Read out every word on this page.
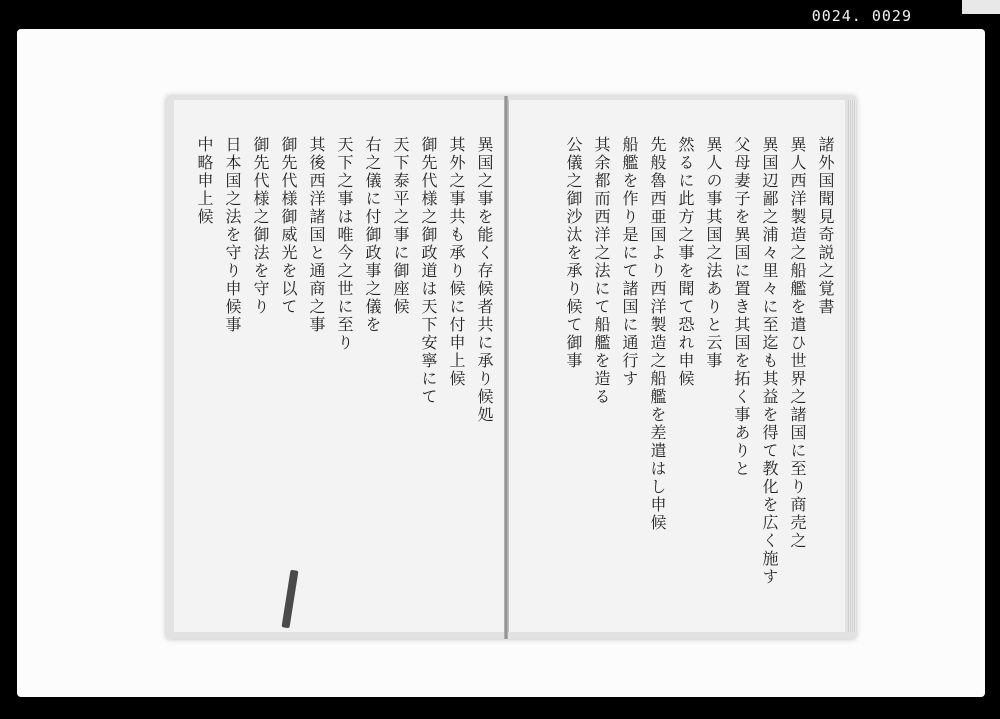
0024. 0029
異国之事を能く存候者共に承り候処
其外之事共も承り候に付申上候
御先代様之御政道は天下安寧にて
天下泰平之事に御座候
右之儀に付御政事之儀を
天下之事は唯今之世に至り
其後西洋諸国と通商之事
御先代様御威光を以て
御先代様之御法を守り
日本国之法を守り申候事
中略申上候	諸外国聞見奇説之覚書
異人西洋製造之船艦を遣ひ世界之諸国に至り商売之
異国辺鄙之浦々里々に至迄も其益を得て教化を広く施す
父母妻子を異国に置き其国を拓く事ありと
異人の事其国之法ありと云事
然るに此方之事を聞て恐れ申候
先般魯西亜国より西洋製造之船艦を差遣はし申候
船艦を作り是にて諸国に通行す
其余都而西洋之法にて船艦を造る
公儀之御沙汰を承り候て御事
